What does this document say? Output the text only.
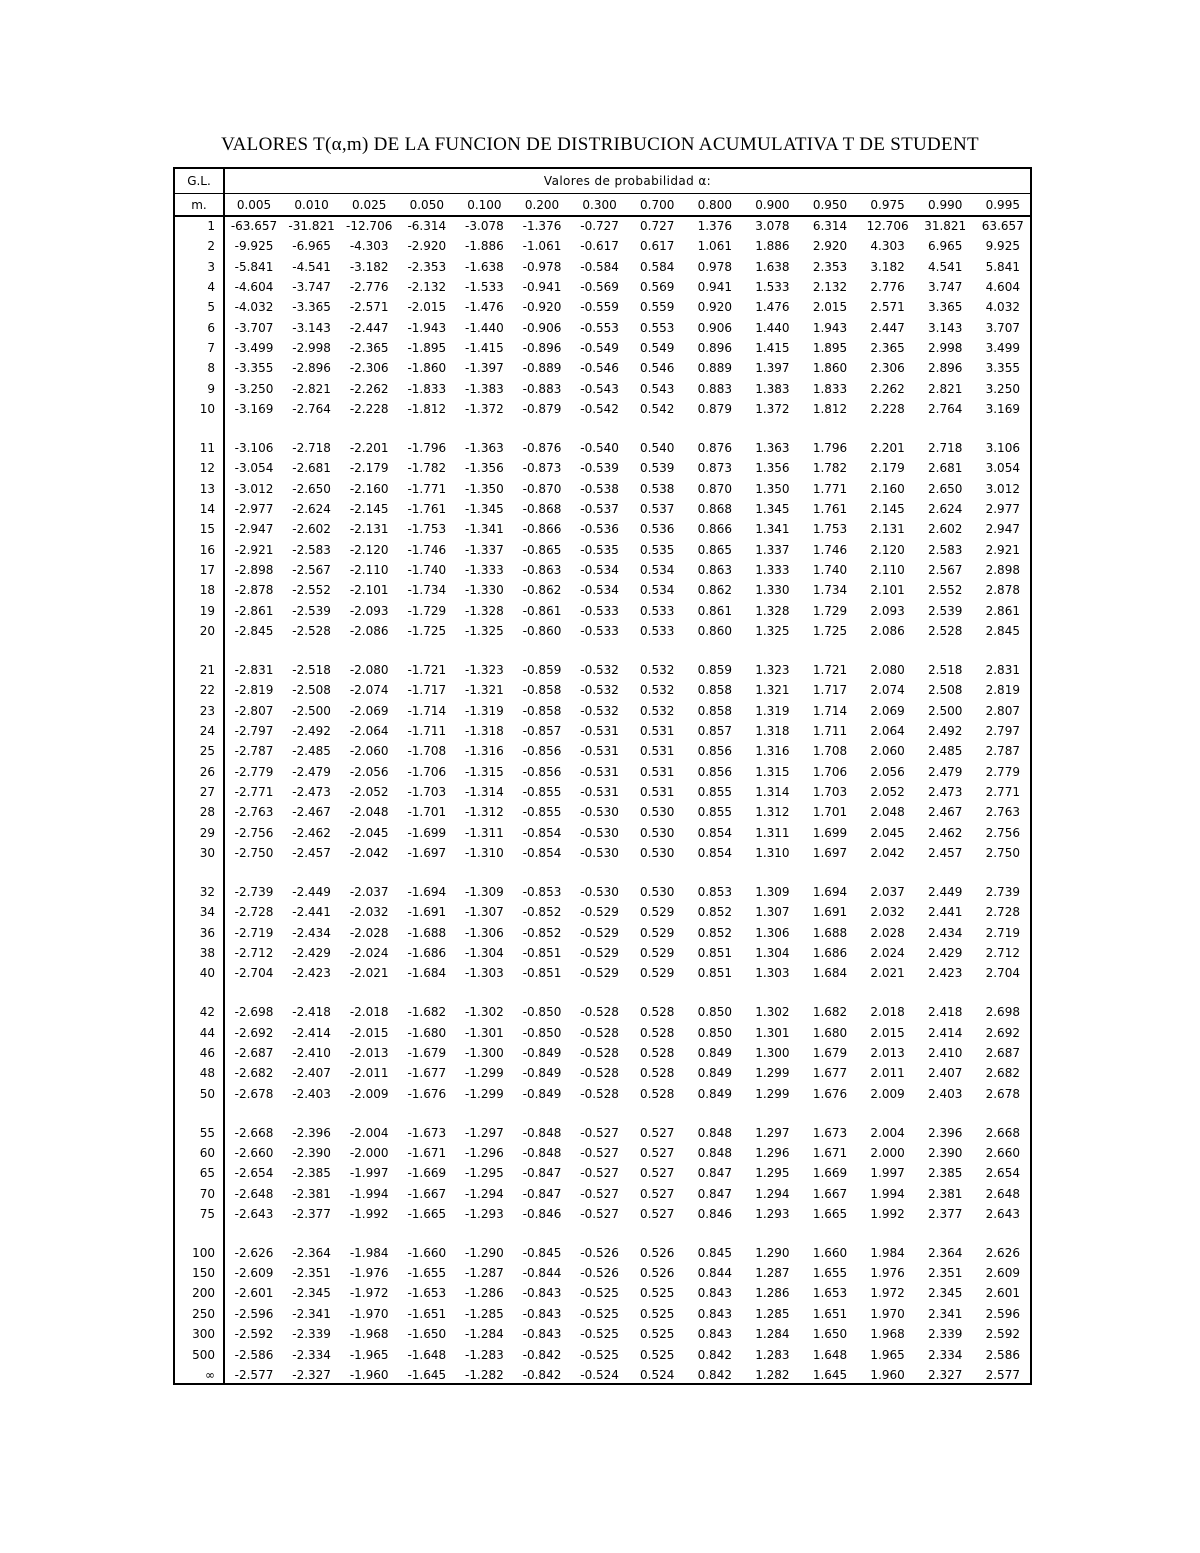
VALORES T(α,m) DE LA FUNCION DE DISTRIBUCION ACUMULATIVA T DE STUDENT
G.L.
m.
Valores de probabilidad α:
0.005	0.010	0.025	0.050	0.100	0.200	0.300	0.700	0.800	0.900	0.950	0.975	0.990	0.995
1	-63.657 -31.821 -12.706	-6.314	-3.078	-1.376	-0.727	0.727	1.376	3.078	6.314	12.706	31.821	63.657
2	-9.925	-6.965	-4.303	-2.920	-1.886	-1.061	-0.617	0.617	1.061	1.886	2.920	4.303	6.965	9.925
3	-5.841	-4.541	-3.182	-2.353	-1.638	-0.978	-0.584	0.584	0.978	1.638	2.353	3.182	4.541	5.841
4	-4.604	-3.747	-2.776	-2.132	-1.533	-0.941	-0.569	0.569	0.941	1.533	2.132	2.776	3.747	4.604
5	-4.032	-3.365	-2.571	-2.015	-1.476	-0.920	-0.559	0.559	0.920	1.476	2.015	2.571	3.365	4.032
6	-3.707	-3.143	-2.447	-1.943	-1.440	-0.906	-0.553	0.553	0.906	1.440	1.943	2.447	3.143	3.707
7	-3.499	-2.998	-2.365	-1.895	-1.415	-0.896	-0.549	0.549	0.896	1.415	1.895	2.365	2.998	3.499
8	-3.355	-2.896	-2.306	-1.860	-1.397	-0.889	-0.546	0.546	0.889	1.397	1.860	2.306	2.896	3.355
9	-3.250	-2.821	-2.262	-1.833	-1.383	-0.883	-0.543	0.543	0.883	1.383	1.833	2.262	2.821	3.250
10	-3.169	-2.764	-2.228	-1.812	-1.372	-0.879	-0.542	0.542	0.879	1.372	1.812	2.228	2.764	3.169
11	-3.106	-2.718	-2.201	-1.796	-1.363	-0.876	-0.540	0.540	0.876	1.363	1.796	2.201	2.718	3.106
12	-3.054	-2.681	-2.179	-1.782	-1.356	-0.873	-0.539	0.539	0.873	1.356	1.782	2.179	2.681	3.054
13	-3.012	-2.650	-2.160	-1.771	-1.350	-0.870	-0.538	0.538	0.870	1.350	1.771	2.160	2.650	3.012
14	-2.977	-2.624	-2.145	-1.761	-1.345	-0.868	-0.537	0.537	0.868	1.345	1.761	2.145	2.624	2.977
15	-2.947	-2.602	-2.131	-1.753	-1.341	-0.866	-0.536	0.536	0.866	1.341	1.753	2.131	2.602	2.947
16	-2.921	-2.583	-2.120	-1.746	-1.337	-0.865	-0.535	0.535	0.865	1.337	1.746	2.120	2.583	2.921
17	-2.898	-2.567	-2.110	-1.740	-1.333	-0.863	-0.534	0.534	0.863	1.333	1.740	2.110	2.567	2.898
18	-2.878	-2.552	-2.101	-1.734	-1.330	-0.862	-0.534	0.534	0.862	1.330	1.734	2.101	2.552	2.878
19	-2.861	-2.539	-2.093	-1.729	-1.328	-0.861	-0.533	0.533	0.861	1.328	1.729	2.093	2.539	2.861
20	-2.845	-2.528	-2.086	-1.725	-1.325	-0.860	-0.533	0.533	0.860	1.325	1.725	2.086	2.528	2.845
21	-2.831	-2.518	-2.080	-1.721	-1.323	-0.859	-0.532	0.532	0.859	1.323	1.721	2.080	2.518	2.831
22	-2.819	-2.508	-2.074	-1.717	-1.321	-0.858	-0.532	0.532	0.858	1.321	1.717	2.074	2.508	2.819
23	-2.807	-2.500	-2.069	-1.714	-1.319	-0.858	-0.532	0.532	0.858	1.319	1.714	2.069	2.500	2.807
24	-2.797	-2.492	-2.064	-1.711	-1.318	-0.857	-0.531	0.531	0.857	1.318	1.711	2.064	2.492	2.797
25	-2.787	-2.485	-2.060	-1.708	-1.316	-0.856	-0.531	0.531	0.856	1.316	1.708	2.060	2.485	2.787
26	-2.779	-2.479	-2.056	-1.706	-1.315	-0.856	-0.531	0.531	0.856	1.315	1.706	2.056	2.479	2.779
27	-2.771	-2.473	-2.052	-1.703	-1.314	-0.855	-0.531	0.531	0.855	1.314	1.703	2.052	2.473	2.771
28	-2.763	-2.467	-2.048	-1.701	-1.312	-0.855	-0.530	0.530	0.855	1.312	1.701	2.048	2.467	2.763
29	-2.756	-2.462	-2.045	-1.699	-1.311	-0.854	-0.530	0.530	0.854	1.311	1.699	2.045	2.462	2.756
30	-2.750	-2.457	-2.042	-1.697	-1.310	-0.854	-0.530	0.530	0.854	1.310	1.697	2.042	2.457	2.750
32	-2.739	-2.449	-2.037	-1.694	-1.309	-0.853	-0.530	0.530	0.853	1.309	1.694	2.037	2.449	2.739
34	-2.728	-2.441	-2.032	-1.691	-1.307	-0.852	-0.529	0.529	0.852	1.307	1.691	2.032	2.441	2.728
36	-2.719	-2.434	-2.028	-1.688	-1.306	-0.852	-0.529	0.529	0.852	1.306	1.688	2.028	2.434	2.719
38	-2.712	-2.429	-2.024	-1.686	-1.304	-0.851	-0.529	0.529	0.851	1.304	1.686	2.024	2.429	2.712
40	-2.704	-2.423	-2.021	-1.684	-1.303	-0.851	-0.529	0.529	0.851	1.303	1.684	2.021	2.423	2.704
42	-2.698	-2.418	-2.018	-1.682	-1.302	-0.850	-0.528	0.528	0.850	1.302	1.682	2.018	2.418	2.698
44	-2.692	-2.414	-2.015	-1.680	-1.301	-0.850	-0.528	0.528	0.850	1.301	1.680	2.015	2.414	2.692
46	-2.687	-2.410	-2.013	-1.679	-1.300	-0.849	-0.528	0.528	0.849	1.300	1.679	2.013	2.410	2.687
48	-2.682	-2.407	-2.011	-1.677	-1.299	-0.849	-0.528	0.528	0.849	1.299	1.677	2.011	2.407	2.682
50	-2.678	-2.403	-2.009	-1.676	-1.299	-0.849	-0.528	0.528	0.849	1.299	1.676	2.009	2.403	2.678
55	-2.668	-2.396	-2.004	-1.673	-1.297	-0.848	-0.527	0.527	0.848	1.297	1.673	2.004	2.396	2.668
60	-2.660	-2.390	-2.000	-1.671	-1.296	-0.848	-0.527	0.527	0.848	1.296	1.671	2.000	2.390	2.660
65	-2.654	-2.385	-1.997	-1.669	-1.295	-0.847	-0.527	0.527	0.847	1.295	1.669	1.997	2.385	2.654
70	-2.648	-2.381	-1.994	-1.667	-1.294	-0.847	-0.527	0.527	0.847	1.294	1.667	1.994	2.381	2.648
75	-2.643	-2.377	-1.992	-1.665	-1.293	-0.846	-0.527	0.527	0.846	1.293	1.665	1.992	2.377	2.643
100	-2.626	-2.364	-1.984	-1.660	-1.290	-0.845	-0.526	0.526	0.845	1.290	1.660	1.984	2.364	2.626
150	-2.609	-2.351	-1.976	-1.655	-1.287	-0.844	-0.526	0.526	0.844	1.287	1.655	1.976	2.351	2.609
200	-2.601	-2.345	-1.972	-1.653	-1.286	-0.843	-0.525	0.525	0.843	1.286	1.653	1.972	2.345	2.601
250	-2.596	-2.341	-1.970	-1.651	-1.285	-0.843	-0.525	0.525	0.843	1.285	1.651	1.970	2.341	2.596
300	-2.592	-2.339	-1.968	-1.650	-1.284	-0.843	-0.525	0.525	0.843	1.284	1.650	1.968	2.339	2.592
500	-2.586	-2.334	-1.965	-1.648	-1.283	-0.842	-0.525	0.525	0.842	1.283	1.648	1.965	2.334	2.586
∞	-2.577	-2.327	-1.960	-1.645	-1.282	-0.842	-0.524	0.524	0.842	1.282	1.645	1.960	2.327	2.577
